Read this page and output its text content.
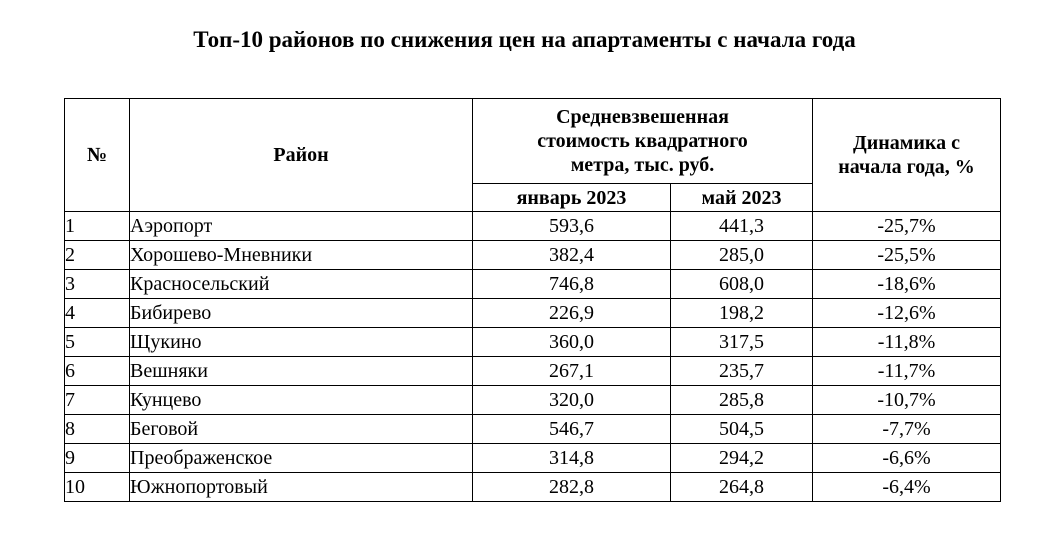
Топ-10 районов по снижения цен на апартаменты с начала года
№	Район	Средневзвешенная стоимость квадратного метра, тыс. руб.		Динамика с начала года, %

		январь 2023	май 2023	
1	Аэропорт	593,6	441,3	-25,7%
2	Хорошево-Мневники	382,4	285,0	-25,5%
3	Красносельский	746,8	608,0	-18,6%
4	Бибирево	226,9	198,2	-12,6%
5	Щукино	360,0	317,5	-11,8%
6	Вешняки	267,1	235,7	-11,7%
7	Кунцево	320,0	285,8	-10,7%
8	Беговой	546,7	504,5	-7,7%
9	Преображенское	314,8	294,2	-6,6%
10	Южнопортовый	282,8	264,8	-6,4%
